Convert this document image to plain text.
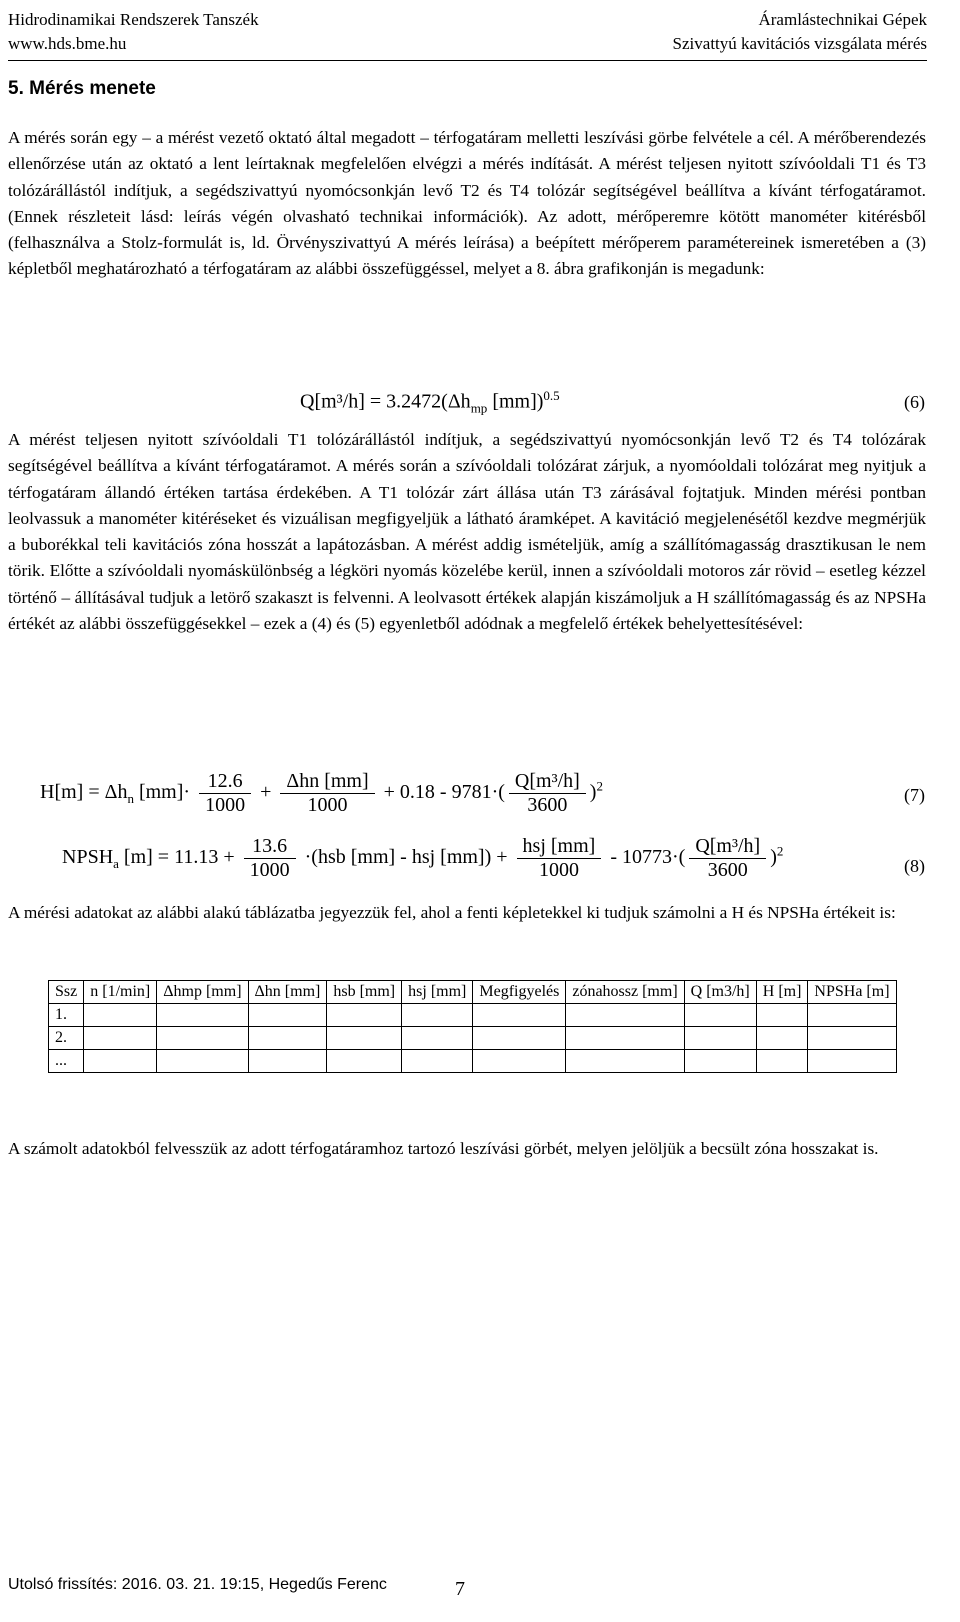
Hidrodinamikai Rendszerek Tanszék	Áramlástechnikai Gépek
www.hds.bme.hu	Szivattyú kavitációs vizsgálata mérés
5. Mérés menete
A mérés során egy – a mérést vezető oktató által megadott – térfogatáram melletti leszívási görbe felvétele a cél. A mérőberendezés ellenőrzése után az oktató a lent leírtaknak megfelelően elvégzi a mérés indítását. A mérést teljesen nyitott szívóoldali T1 és T3 tolózárállástól indítjuk, a segédszivattyú nyomócsonkján levő T2 és T4 tolózár segítségével beállítva a kívánt térfogatáramot. (Ennek részleteit lásd: leírás végén olvasható technikai információk). Az adott, mérőperemre kötött manométer kitérésből (felhasználva a Stolz-formulát is, ld. Örvényszivattyú A mérés leírása) a beépített mérőperem paramétereinek ismeretében a (3) képletből meghatározható a térfogatáram az alábbi összefüggéssel, melyet a 8. ábra grafikonján is megadunk:
$Q[m^3/h] = 3.2472(\Delta h_{mp}$ [mm])$^{0.5}$	(6)
A mérést teljesen nyitott szívóoldali T1 tolózárállástól indítjuk, a segédszivattyú nyomócsonkján levő T2 és T4 tolózárak segítségével beállítva a kívánt térfogatáramot. A mérés során a szívóoldali tolózárat zárjuk, a nyomóoldali tolózárat meg nyitjuk a térfogatáram állandó értéken tartása érdekében. A T1 tolózár zárt állása után T3 zárásával fojtatjuk. Minden mérési pontban leolvassuk a manométer kitéréseket és vizuálisan megfigyeljük a látható áramképet. A kavitáció megjelenésétől kezdve megmérjük a buborékkal teli kavitációs zóna hosszát a lapátozásban. A mérést addig ismételjük, amíg a szállítómagasság drasztikusan le nem törik. Előtte a szívóoldali nyomáskülönbség a légköri nyomás közelébe kerül, innen a szívóoldali motoros zár rövid – esetleg kézzel történő – állításával tudjuk a letörő szakaszt is felvenni. A leolvasott értékek alapján kiszámoljuk a H szállítómagasság és az NPSHa értékét az alábbi összefüggésekkel – ezek a (4) és (5) egyenletből adódnak a megfelelő értékek behelyettesítésével:
$H[m] = \Delta h_n$ $[mm]\cdot \frac{12.6}{1000} + \frac{\text{Δhn [mm]}}{1000} + 0.18 - 9781\cdot( \frac{\text{Q[m³/h]}}{3600} )^2$	(7)
$NPSH_a$ $[m] = 11.13 + \frac{13.6}{1000} \cdot(hsb$ [mm] - hsj $[mm]) + \frac{\text{hsj [mm]}}{1000} - 10773\cdot( \frac{\text{Q[m³/h]}}{3600} )^2$
(8)
A mérési adatokat az alábbi alakú táblázatba jegyezzük fel, ahol a fenti képletekkel ki tudjuk számolni a H és NPSHa értékeit is:
Ssz	n [1/min]	Δhmp [mm]	Δhn [mm]	hsb [mm]	hsj [mm]	Megfigyelés	zónahossz [mm]	Q [m3/h]	H [m]	NPSHa [m]
1.										
2.										
...										
A számolt adatokból felvesszük az adott térfogatáramhoz tartozó leszívási görbét, melyen jelöljük a becsült zóna hosszakat is.
Utolsó frissítés: 2016. 03. 21. 19:15, Hegedűs Ferenc	7
